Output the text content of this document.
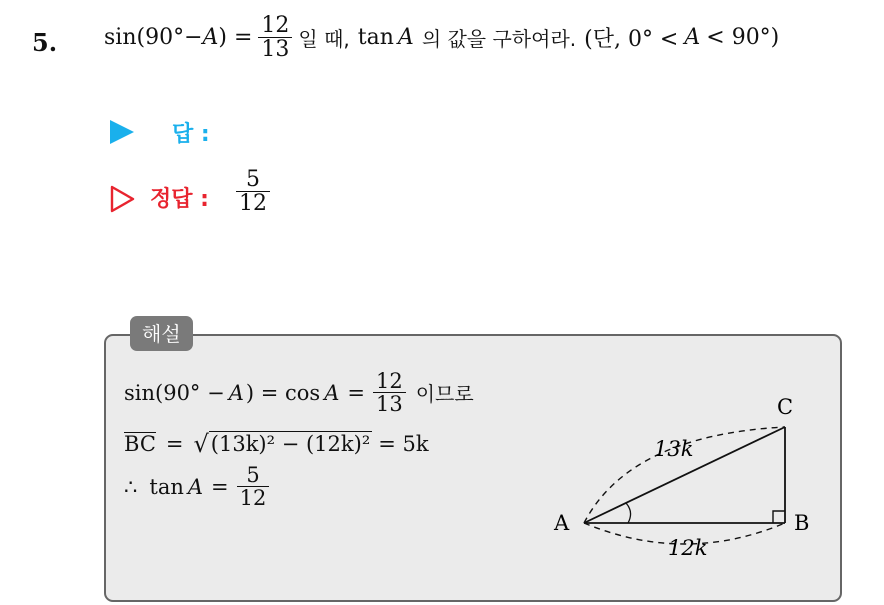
5. sin(90°− A ) = $\frac{12}{13}$ 일 때, tan A 의 값을 구하여라. (단, 0° < A < 90°)
답 :
정답 : $\frac{5}{12}$
해설
sin(90° − A ) = $\cos A = \frac{12}{13}$ 이므로
BC = √ (13k)² − (12k)² = 5k
∴ $\tan A = \frac{5}{12}$
A	B
C
13k
12k
